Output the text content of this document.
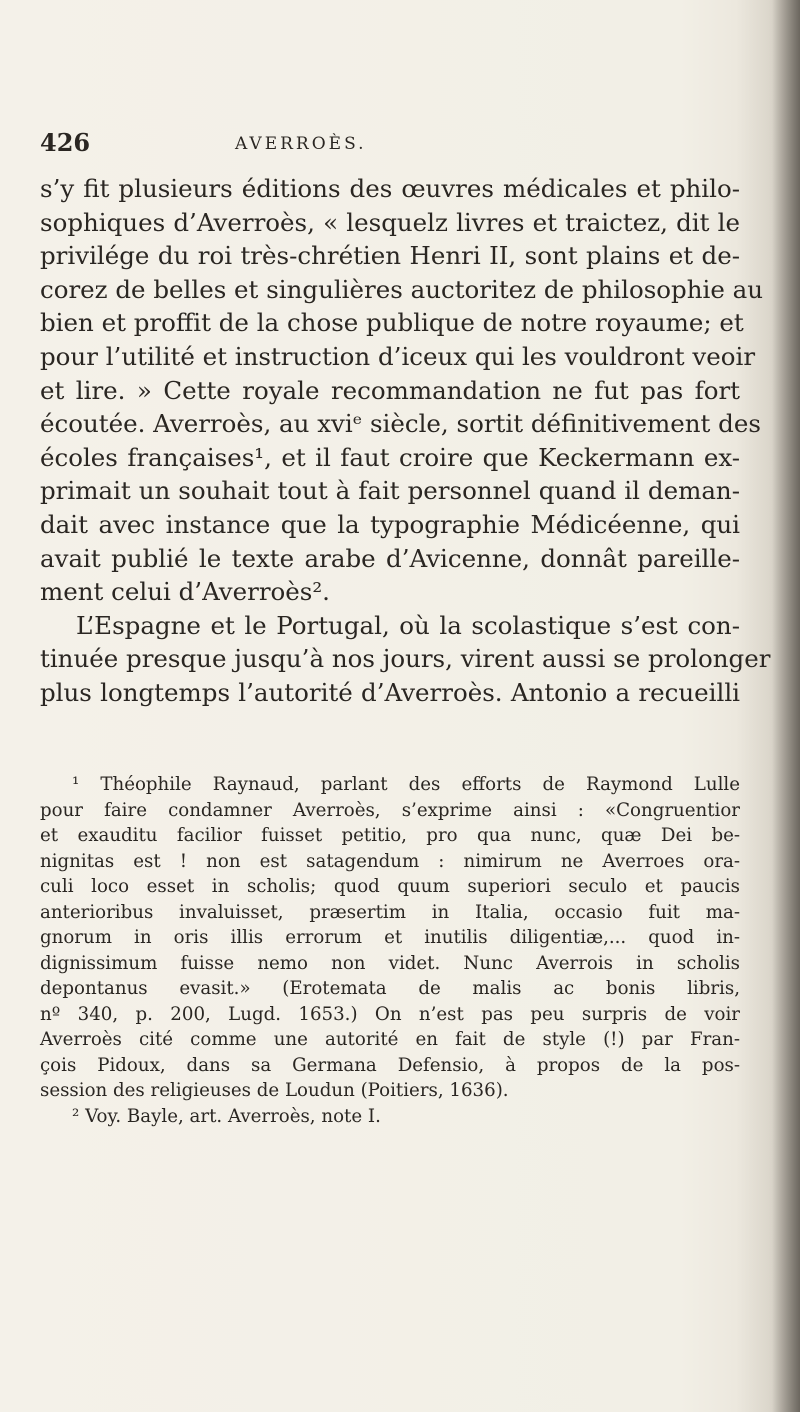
426	AVERROÈS.
s’y fit plusieurs éditions des œuvres médicales et philo-
sophiques d’Averroès, « lesquelz livres et traictez, dit le
privilége du roi très-chrétien Henri II, sont plains et de-
corez de belles et singulières auctoritez de philosophie au
bien et proffit de la chose publique de notre royaume; et
pour l’utilité et instruction d’iceux qui les vouldront veoir
et lire. » Cette royale recommandation ne fut pas fort
écoutée. Averroès, au xviᵉ siècle, sortit définitivement des
écoles françaises¹, et il faut croire que Keckermann ex-
primait un souhait tout à fait personnel quand il deman-
dait avec instance que la typographie Médicéenne, qui
avait publié le texte arabe d’Avicenne, donnât pareille-
ment celui d’Averroès².
L’Espagne et le Portugal, où la scolastique s’est con-
tinuée presque jusqu’à nos jours, virent aussi se prolonger
plus longtemps l’autorité d’Averroès. Antonio a recueilli
¹ Théophile Raynaud, parlant des efforts de Raymond Lulle
pour faire condamner Averroès, s’exprime ainsi : «Congruentior
et exauditu facilior fuisset petitio, pro qua nunc, quæ Dei be-
nignitas est ! non est satagendum : nimirum ne Averroes ora-
culi loco esset in scholis; quod quum superiori seculo et paucis
anterioribus invaluisset, præsertim in Italia, occasio fuit ma-
gnorum in oris illis errorum et inutilis diligentiæ,... quod in-
dignissimum fuisse nemo non videt. Nunc Averrois in scholis
depontanus evasit.» (Erotemata de malis ac bonis libris,
nº 340, p. 200, Lugd. 1653.) On n’est pas peu surpris de voir
Averroès cité comme une autorité en fait de style (!) par Fran-
çois Pidoux, dans sa Germana Defensio, à propos de la pos-
session des religieuses de Loudun (Poitiers, 1636).
² Voy. Bayle, art. Averroès, note I.
